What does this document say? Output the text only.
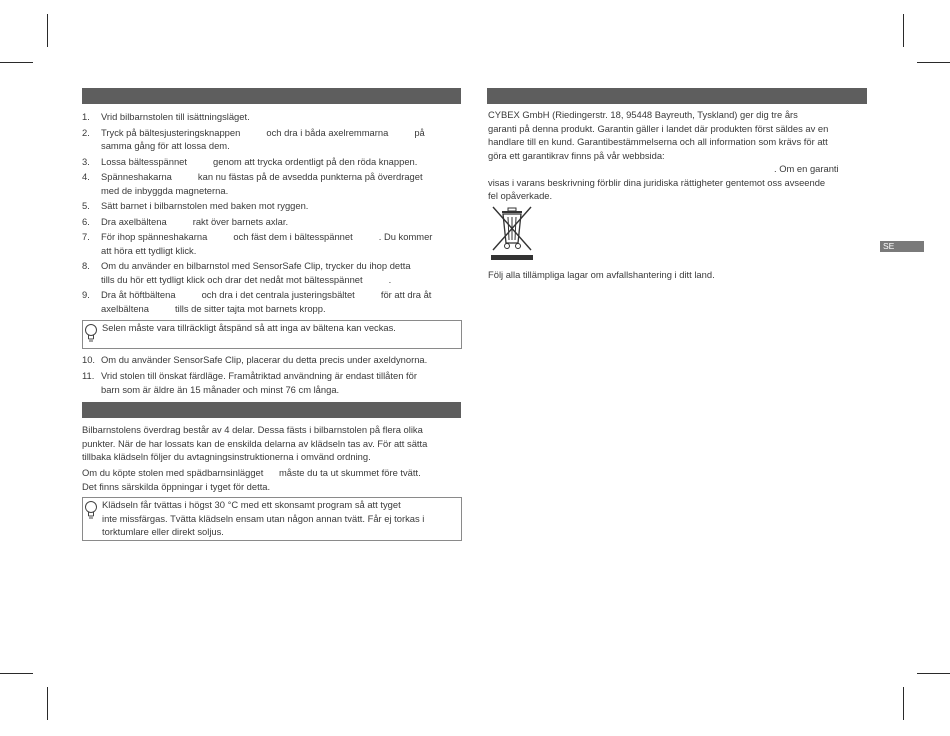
1. Vrid bilbarnstolen till isättningsläget.
2. Tryck på bältesjusteringsknappen          och dra i båda axelremmarna          på
samma gång för att lossa dem.
3. Lossa bältesspännet          genom att trycka ordentligt på den röda knappen.
4. Spänneshakarna          kan nu fästas på de avsedda punkterna på överdraget
med de inbyggda magneterna.
5. Sätt barnet i bilbarnstolen med baken mot ryggen.
6. Dra axelbältena          rakt över barnets axlar.
7. För ihop spänneshakarna          och fäst dem i bältesspännet          . Du kommer
att höra ett tydligt klick.
8. Om du använder en bilbarnstol med SensorSafe Clip, trycker du ihop detta
tills du hör ett tydligt klick och drar det nedåt mot bältesspännet          .
9. Dra åt höftbältena          och dra i det centrala justeringsbältet          för att dra åt
axelbältena          tills de sitter tajta mot barnets kropp.
Selen måste vara tillräckligt åtspänd så att inga av bältena kan veckas.
10. Om du använder SensorSafe Clip, placerar du detta precis under axeldynorna.
11. Vrid stolen till önskat färdläge. Framåtriktad användning är endast tillåten för
barn som är äldre än 15 månader och minst 76 cm långa.
Bilbarnstolens överdrag består av 4 delar. Dessa fästs i bilbarnstolen på flera olika
punkter. När de har lossats kan de enskilda delarna av klädseln tas av. För att sätta
tillbaka klädseln följer du avtagningsinstruktionerna i omvänd ordning.
Om du köpte stolen med spädbarnsinlägget      måste du ta ut skummet före tvätt.
Det finns särskilda öppningar i tyget för detta.
Klädseln får tvättas i högst 30 °C med ett skonsamt program så att tyget
inte missfärgas. Tvätta klädseln ensam utan någon annan tvätt. Får ej torkas i
torktumlare eller direkt soljus.
CYBEX GmbH (Riedingerstr. 18, 95448 Bayreuth, Tyskland) ger dig tre års
garanti på denna produkt. Garantin gäller i landet där produkten först säldes av en
handlare till en kund. Garantibestämmelserna och all information som krävs för att
göra ett garantikrav finns på vår webbsida:
. Om en garanti
visas i varans beskrivning förblir dina juridiska rättigheter gentemot oss avseende
fel opåverkade.
Följ alla tillämpliga lagar om avfallshantering i ditt land.
SE
